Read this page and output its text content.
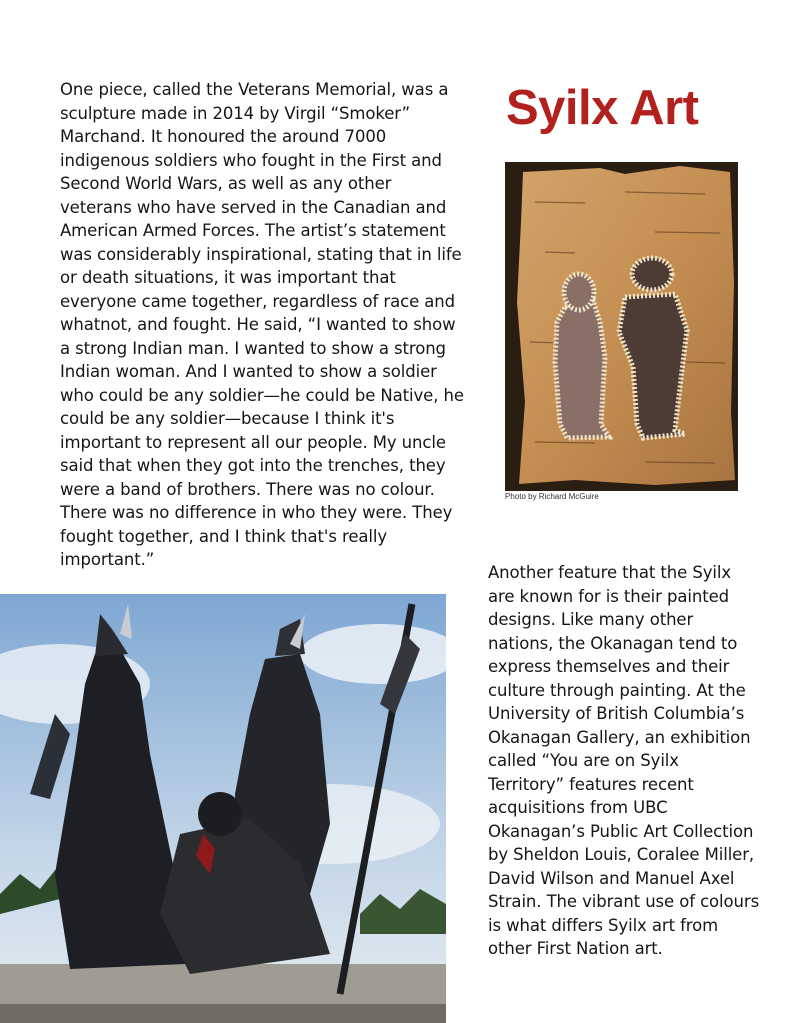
One piece, called the Veterans Memorial, was a sculpture made in 2014 by Virgil “Smoker” Marchand. It honoured the around 7000 indigenous soldiers who fought in the First and Second World Wars, as well as any other veterans who have served in the Canadian and American Armed Forces. The artist’s statement was considerably inspirational, stating that in life or death situations, it was important that everyone came together, regardless of race and whatnot, and fought. He said, “I wanted to show a strong Indian man. I wanted to show a strong Indian woman. And I wanted to show a soldier who could be any soldier—he could be Native, he could be any soldier—because I think it's important to represent all our people. My uncle said that when they got into the trenches, they were a band of brothers. There was no colour. There was no difference in who they were. They fought together, and I think that's really important.”

Syilx Art
Photo by Richard McGuire

Another feature that the Syilx are known for is their painted designs. Like many other nations, the Okanagan tend to express themselves and their culture through painting. At the University of British Columbia’s Okanagan Gallery, an exhibition called “You are on Syilx Territory” features recent acquisitions from UBC Okanagan’s Public Art Collection by Sheldon Louis, Coralee Miller, David Wilson and Manuel Axel Strain. The vibrant use of colours is what differs Syilx art from other First Nation art.
